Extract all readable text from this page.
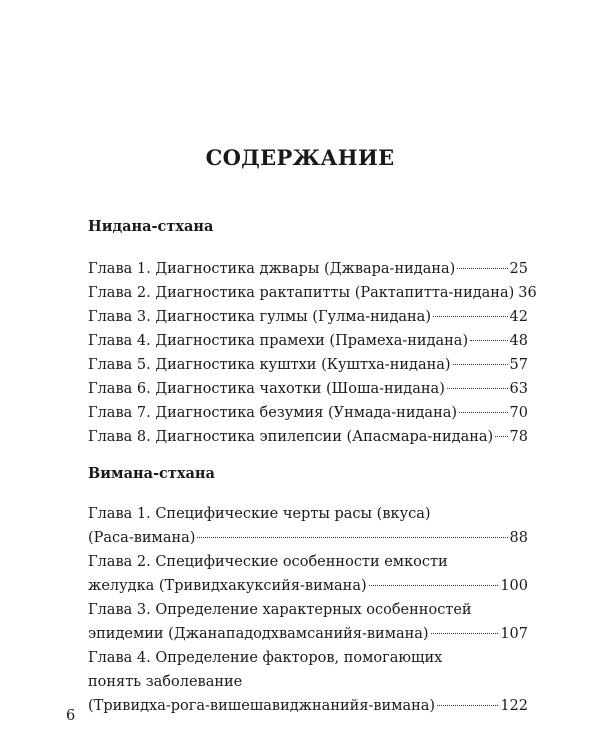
СОДЕРЖАНИЕ
Нидана-стхана
Глава 1. Диагностика джвары (Джвара-нидана)	25
Глава 2. Диагностика рактапитты (Рактапитта-нидана) 36
Глава 3. Диагностика гулмы (Гулма-нидана)	42
Глава 4. Диагностика прамехи (Прамеха-нидана)	48
Глава 5. Диагностика куштхи (Куштха-нидана)	57
Глава 6. Диагностика чахотки (Шоша-нидана)	63
Глава 7. Диагностика безумия (Унмада-нидана)	70
Глава 8. Диагностика эпилепсии (Апасмара-нидана) 78
Вимана-стхана
Глава 1. Специфические черты расы (вкуса)
(Раса-вимана)	88
Глава 2. Специфические особенности емкости
желудка (Тривидхакуксийя-вимана)	100
Глава 3. Определение характерных особенностей
эпидемии (Джанападодхвамсанийя-вимана)	107
Глава 4. Определение факторов, помогающих
понять заболевание
(Тривидха-рога-вишешавиджнанийя-вимана)	122
6
